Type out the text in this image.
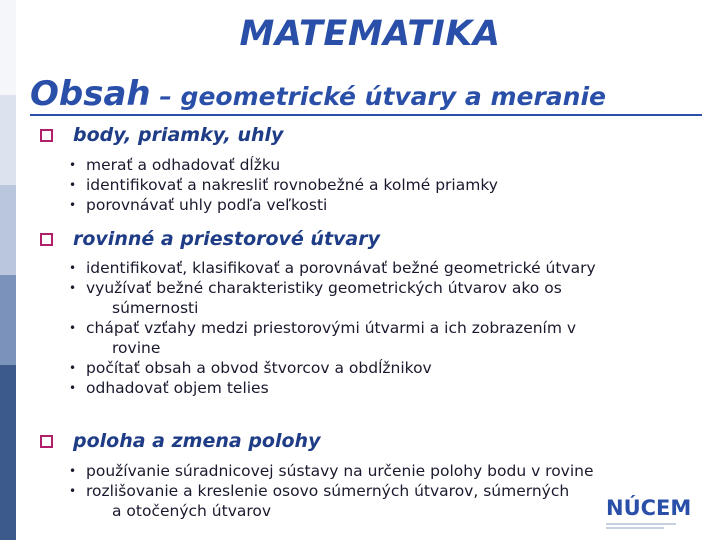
MATEMATIKA
Obsah – geometrické útvary a meranie
body, priamky, uhly
• merať a odhadovať dĺžku
• identifikovať a nakresliť rovnobežné a kolmé priamky
• porovnávať uhly podľa veľkosti
rovinné a priestorové útvary
• identifikovať, klasifikovať a porovnávať bežné geometrické útvary
• využívať bežné charakteristiky geometrických útvarov ako os
súmernosti
• chápať vzťahy medzi priestorovými útvarmi a ich zobrazením v
rovine
• počítať obsah a obvod štvorcov a obdĺžnikov
• odhadovať objem telies
poloha a zmena polohy
• používanie súradnicovej sústavy na určenie polohy bodu v rovine
• rozlišovanie a kreslenie osovo súmerných útvarov, súmerných
a otočených útvarov	NÚCEM
